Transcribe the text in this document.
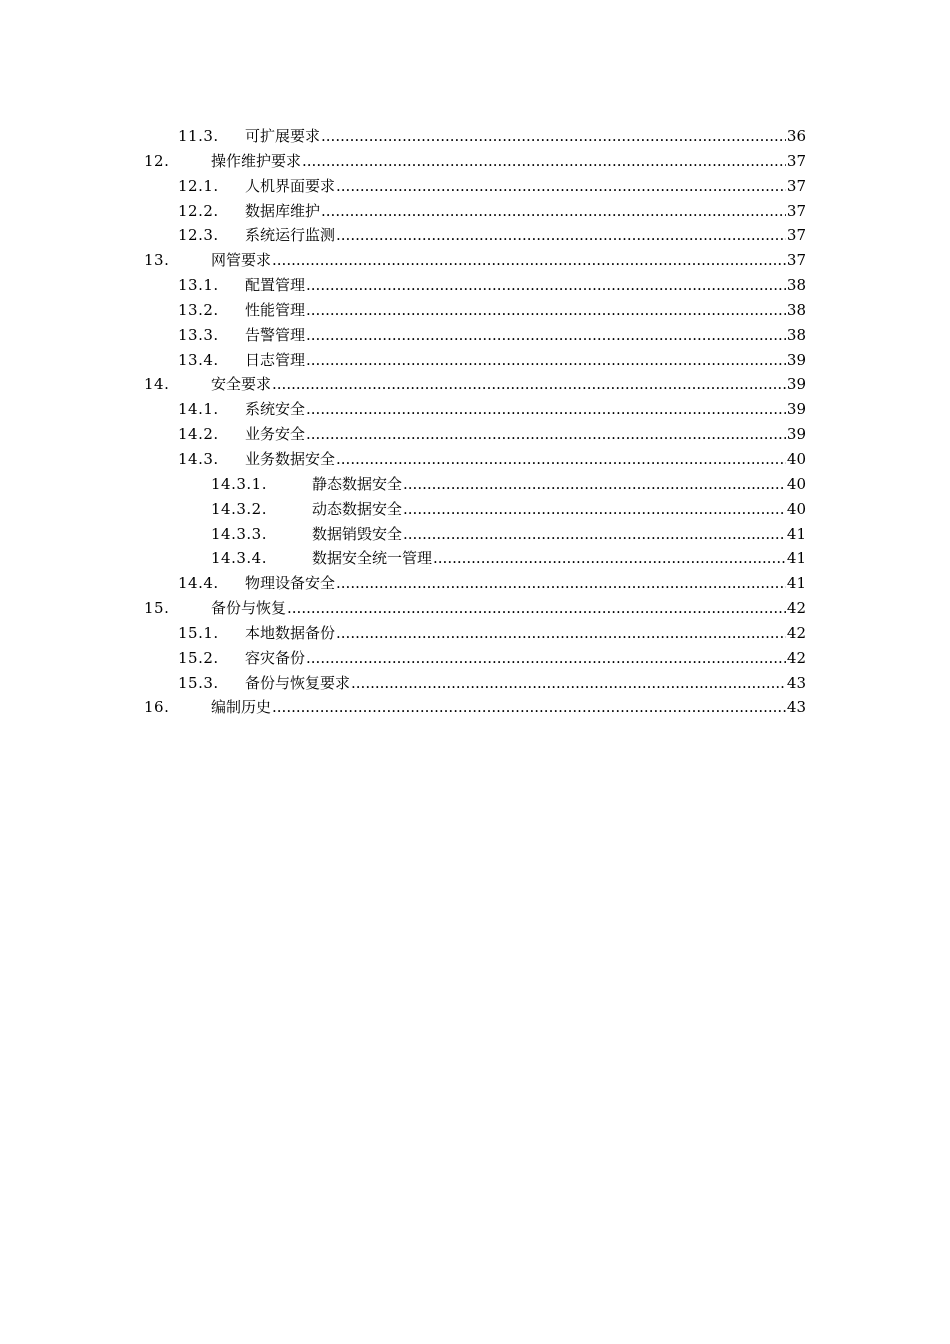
11.3.	可扩展要求 .....	36
12.	操作维护要求 .....	37
12.1.	人机界面要求 .....	37
12.2.	数据库维护 .....	37
12.3.	系统运行监测 .....	37
13.	网管要求 .....	37
13.1.	配置管理 .....	38
13.2.	性能管理 .....	38
13.3.	告警管理 .....	38
13.4.	日志管理 .....	39
14.	安全要求 .....	39
14.1.	系统安全 .....	39
14.2.	业务安全 .....	39
14.3.	业务数据安全 .....	40
14.3.1.	静态数据安全 .....	40
14.3.2.	动态数据安全 .....	40
14.3.3.	数据销毁安全 .....	41
14.3.4.	数据安全统一管理 .....	41
14.4.	物理设备安全 .....	41
15.	备份与恢复 .....	42
15.1.	本地数据备份 .....	42
15.2.	容灾备份 .....	42
15.3.	备份与恢复要求 .....	43
16.	编制历史 .....	43
